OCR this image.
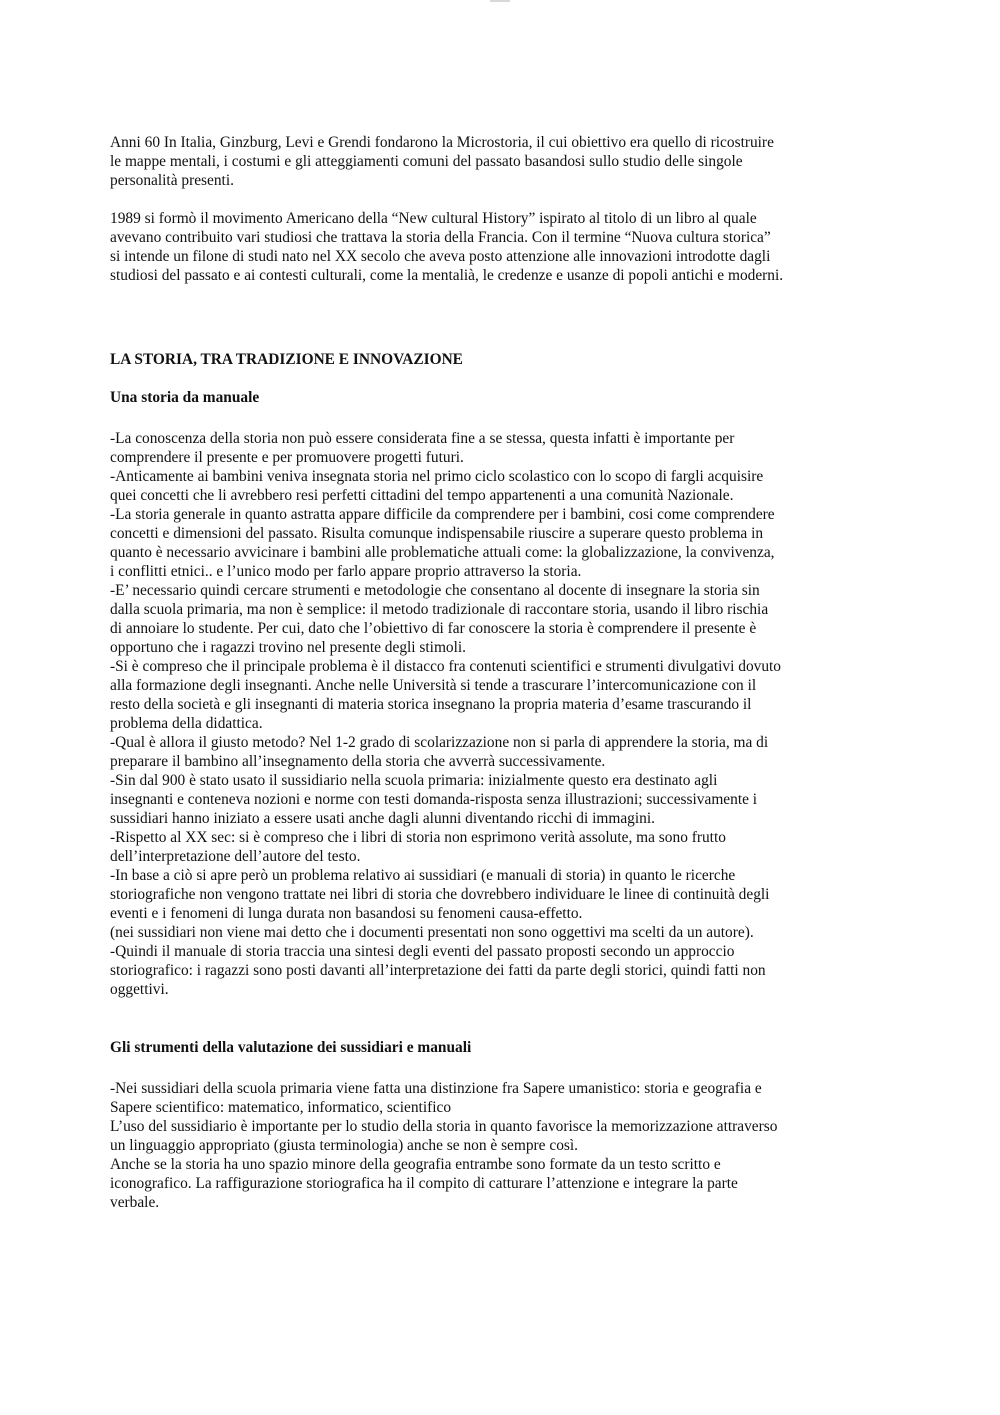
Anni 60 In Italia, Ginzburg, Levi e Grendi fondarono la Microstoria, il cui obiettivo era quello di ricostruire
le mappe mentali, i costumi e gli atteggiamenti comuni del passato basandosi sullo studio delle singole
personalità presenti.
1989 si formò il movimento Americano della “New cultural History” ispirato al titolo di un libro al quale
avevano contribuito vari studiosi che trattava la storia della Francia. Con il termine “Nuova cultura storica”
si intende un filone di studi nato nel XX secolo che aveva posto attenzione alle innovazioni introdotte dagli
studiosi del passato e ai contesti culturali, come la mentalià, le credenze e usanze di popoli antichi e moderni.
LA STORIA, TRA TRADIZIONE E INNOVAZIONE
Una storia da manuale
-La conoscenza della storia non può essere considerata fine a se stessa, questa infatti è importante per
comprendere il presente e per promuovere progetti futuri.
-Anticamente ai bambini veniva insegnata storia nel primo ciclo scolastico con lo scopo di fargli acquisire
quei concetti che li avrebbero resi perfetti cittadini del tempo appartenenti a una comunità Nazionale.
-La storia generale in quanto astratta appare difficile da comprendere per i bambini, cosi come comprendere
concetti e dimensioni del passato. Risulta comunque indispensabile riuscire a superare questo problema in
quanto è necessario avvicinare i bambini alle problematiche attuali come: la globalizzazione, la convivenza,
i conflitti etnici.. e l’unico modo per farlo appare proprio attraverso la storia.
-E’ necessario quindi cercare strumenti e metodologie che consentano al docente di insegnare la storia sin
dalla scuola primaria, ma non è semplice: il metodo tradizionale di raccontare storia, usando il libro rischia
di annoiare lo studente. Per cui, dato che l’obiettivo di far conoscere la storia è comprendere il presente è
opportuno che i ragazzi trovino nel presente degli stimoli.
-Si è compreso che il principale problema è il distacco fra contenuti scientifici e strumenti divulgativi dovuto
alla formazione degli insegnanti. Anche nelle Università si tende a trascurare l’intercomunicazione con il
resto della società e gli insegnanti di materia storica insegnano la propria materia d’esame trascurando il
problema della didattica.
-Qual è allora il giusto metodo? Nel 1-2 grado di scolarizzazione non si parla di apprendere la storia, ma di
preparare il bambino all’insegnamento della storia che avverrà successivamente.
-Sin dal 900 è stato usato il sussidiario nella scuola primaria: inizialmente questo era destinato agli
insegnanti e conteneva nozioni e norme con testi domanda-risposta senza illustrazioni; successivamente i
sussidiari hanno iniziato a essere usati anche dagli alunni diventando ricchi di immagini.
-Rispetto al XX sec: si è compreso che i libri di storia non esprimono verità assolute, ma sono frutto
dell’interpretazione dell’autore del testo.
-In base a ciò si apre però un problema relativo ai sussidiari (e manuali di storia) in quanto le ricerche
storiografiche non vengono trattate nei libri di storia che dovrebbero individuare le linee di continuità degli
eventi e i fenomeni di lunga durata non basandosi su fenomeni causa-effetto.
(nei sussidiari non viene mai detto che i documenti presentati non sono oggettivi ma scelti da un autore).
-Quindi il manuale di storia traccia una sintesi degli eventi del passato proposti secondo un approccio
storiografico: i ragazzi sono posti davanti all’interpretazione dei fatti da parte degli storici, quindi fatti non
oggettivi.
Gli strumenti della valutazione dei sussidiari e manuali
-Nei sussidiari della scuola primaria viene fatta una distinzione fra Sapere umanistico: storia e geografia e
Sapere scientifico: matematico, informatico, scientifico
L’uso del sussidiario è importante per lo studio della storia in quanto favorisce la memorizzazione attraverso
un linguaggio appropriato (giusta terminologia) anche se non è sempre così.
Anche se la storia ha uno spazio minore della geografia entrambe sono formate da un testo scritto e
iconografico. La raffigurazione storiografica ha il compito di catturare l’attenzione e integrare la parte
verbale.
